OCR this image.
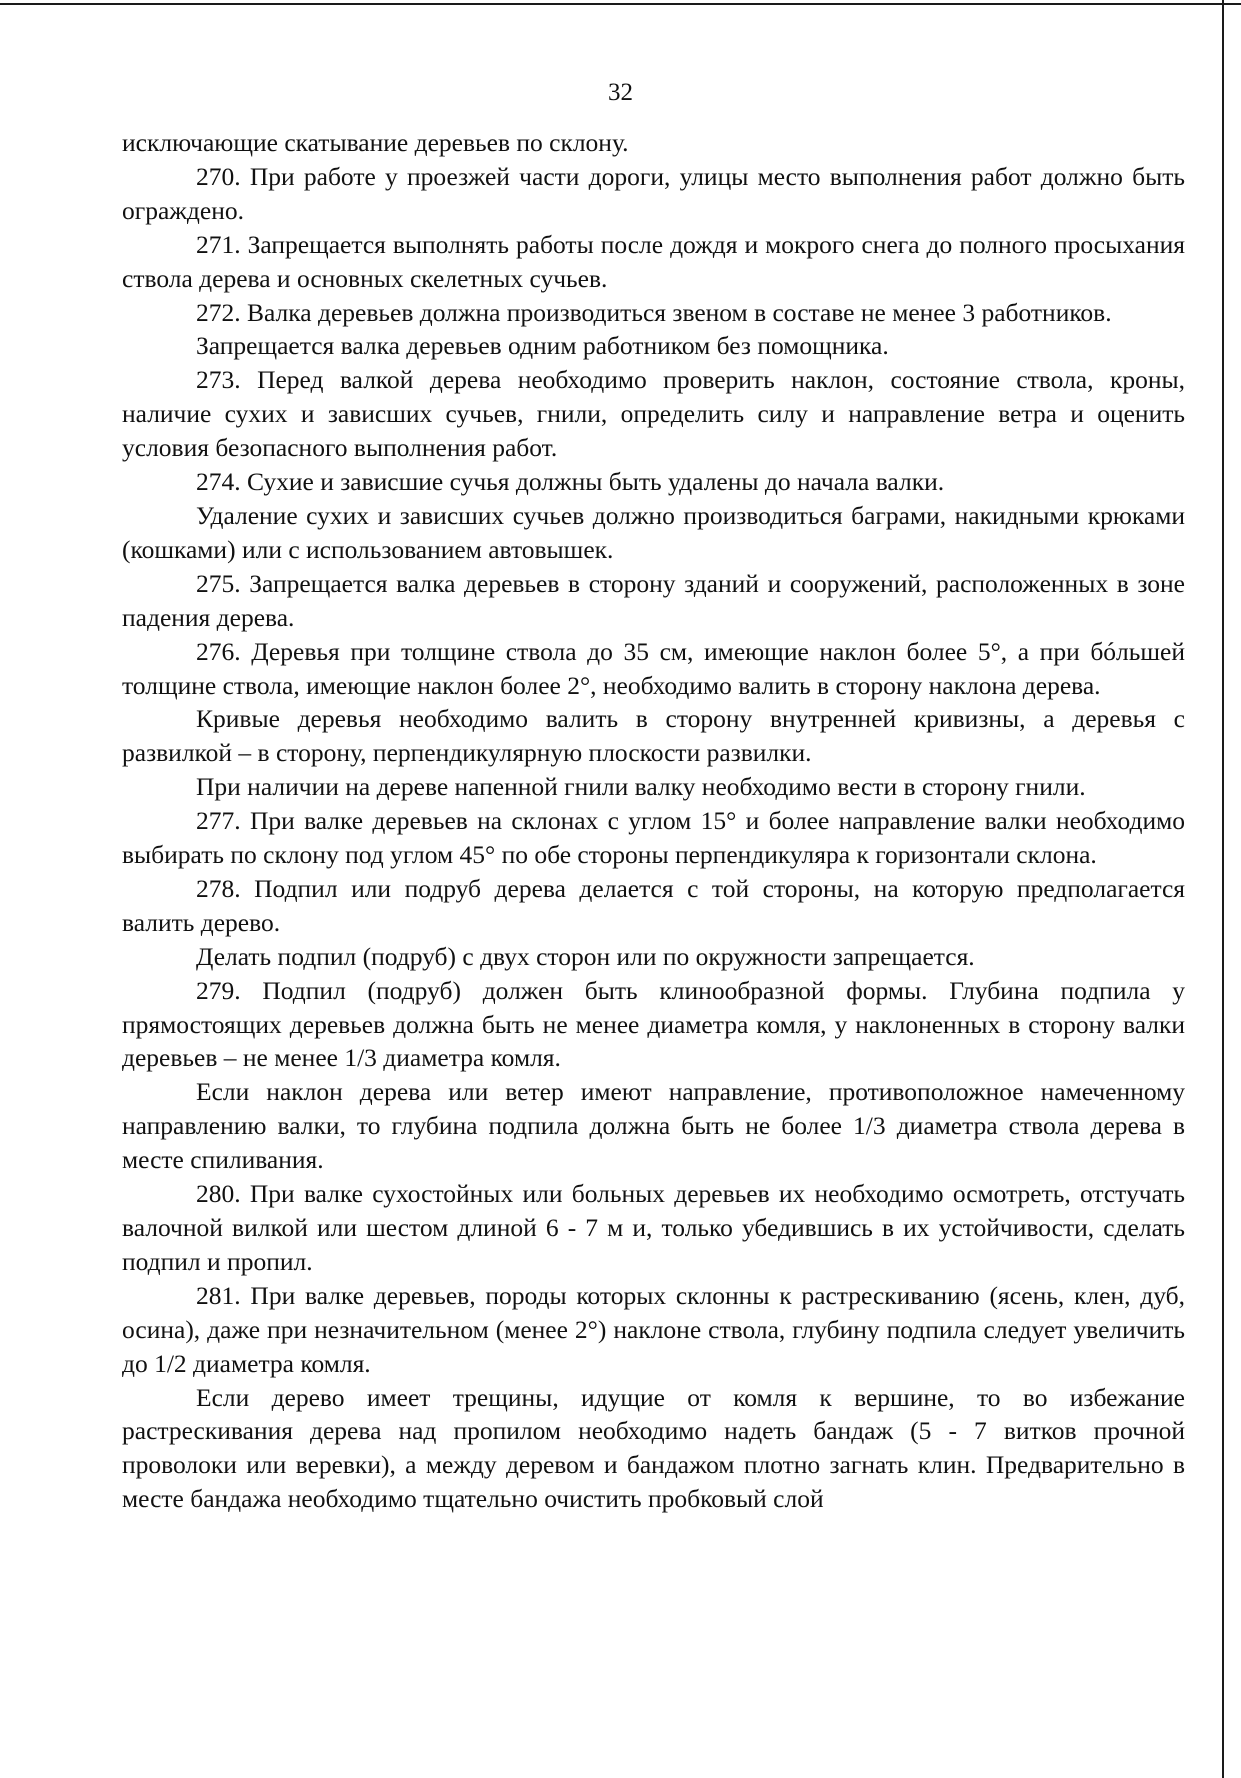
32

исключающие скатывание деревьев по склону.

270. При работе у проезжей части дороги, улицы место выполнения работ должно быть ограждено.

271. Запрещается выполнять работы после дождя и мокрого снега до полного просыхания ствола дерева и основных скелетных сучьев.

272. Валка деревьев должна производиться звеном в составе не менее 3 работников.

Запрещается валка деревьев одним работником без помощника.

273. Перед валкой дерева необходимо проверить наклон, состояние ствола, кроны, наличие сухих и зависших сучьев, гнили, определить силу и направление ветра и оценить условия безопасного выполнения работ.

274. Сухие и зависшие сучья должны быть удалены до начала валки.

Удаление сухих и зависших сучьев должно производиться баграми, накидными крюками (кошками) или с использованием автовышек.

275. Запрещается валка деревьев в сторону зданий и сооружений, расположенных в зоне падения дерева.

276. Деревья при толщине ствола до 35 см, имеющие наклон более 5°, а при бóльшей толщине ствола, имеющие наклон более 2°, необходимо валить в сторону наклона дерева.

Кривые деревья необходимо валить в сторону внутренней кривизны, а деревья с развилкой – в сторону, перпендикулярную плоскости развилки.

При наличии на дереве напенной гнили валку необходимо вести в сторону гнили.

277. При валке деревьев на склонах с углом 15° и более направление валки необходимо выбирать по склону под углом 45° по обе стороны перпендикуляра к горизонтали склона.

278. Подпил или подруб дерева делается с той стороны, на которую предполагается валить дерево.

Делать подпил (подруб) с двух сторон или по окружности запрещается.

279. Подпил (подруб) должен быть клинообразной формы. Глубина подпила у прямостоящих деревьев должна быть не менее диаметра комля, у наклоненных в сторону валки деревьев – не менее 1/3 диаметра комля.

Если наклон дерева или ветер имеют направление, противоположное намеченному направлению валки, то глубина подпила должна быть не более 1/3 диаметра ствола дерева в месте спиливания.

280. При валке сухостойных или больных деревьев их необходимо осмотреть, отстучать валочной вилкой или шестом длиной 6 - 7 м и, только убедившись в их устойчивости, сделать подпил и пропил.

281. При валке деревьев, породы которых склонны к растрескиванию (ясень, клен, дуб, осина), даже при незначительном (менее 2°) наклоне ствола, глубину подпила следует увеличить до 1/2 диаметра комля.

Если дерево имеет трещины, идущие от комля к вершине, то во избежание растрескивания дерева над пропилом необходимо надеть бандаж (5 - 7 витков прочной проволоки или веревки), а между деревом и бандажом плотно загнать клин. Предварительно в месте бандажа необходимо тщательно очистить пробковый слой
